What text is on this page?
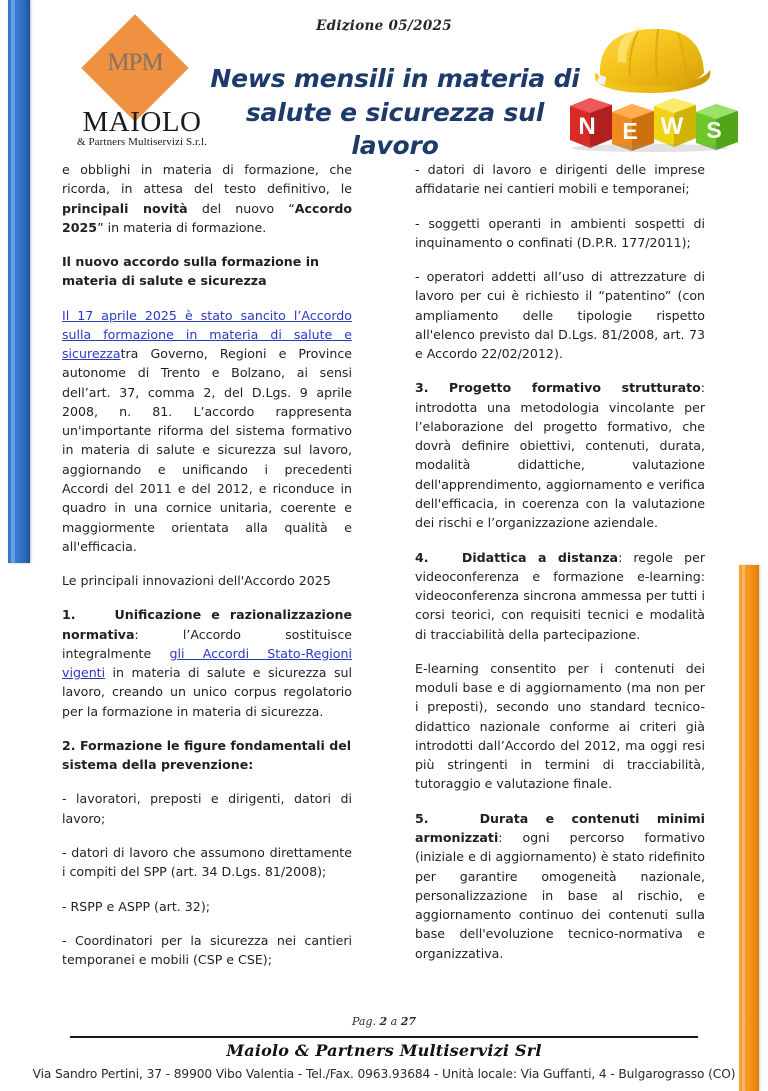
Edizione 05/2025
MPM
MAIOLO
& Partners Multiservizi S.r.l.
News mensili in materia di salute e sicurezza sul lavoro
N E W S

e obblighi in materia di formazione, che ricorda, in attesa del testo definitivo, le principali novità del nuovo “Accordo 2025” in materia di formazione.

Il nuovo accordo sulla formazione in materia di salute e sicurezza

Il 17 aprile 2025 è stato sancito l’Accordo sulla formazione in materia di salute e sicurezzatra Governo, Regioni e Province autonome di Trento e Bolzano, ai sensi dell’art. 37, comma 2, del D.Lgs. 9 aprile 2008, n. 81. L’accordo rappresenta un'importante riforma del sistema formativo in materia di salute e sicurezza sul lavoro, aggiornando e unificando i precedenti Accordi del 2011 e del 2012, e riconduce in quadro in una cornice unitaria, coerente e maggiormente orientata alla qualità e all'efficacia.

Le principali innovazioni dell'Accordo 2025

1.	Unificazione e razionalizzazione normativa: l’Accordo sostituisce integralmente gli Accordi Stato-Regioni vigenti in materia di salute e sicurezza sul lavoro, creando un unico corpus regolatorio per la formazione in materia di sicurezza.

2. Formazione le figure fondamentali del sistema della prevenzione:

- lavoratori, preposti e dirigenti, datori di lavoro;

- datori di lavoro che assumono direttamente i compiti del SPP (art. 34 D.Lgs. 81/2008);

- RSPP e ASPP (art. 32);

- Coordinatori per la sicurezza nei cantieri temporanei e mobili (CSP e CSE);

- datori di lavoro e dirigenti delle imprese affidatarie nei cantieri mobili e temporanei;

- soggetti operanti in ambienti sospetti di inquinamento o confinati (D.P.R. 177/2011);

- operatori addetti all’uso di attrezzature di lavoro per cui è richiesto il “patentino” (con ampliamento delle tipologie rispetto all'elenco previsto dal D.Lgs. 81/2008, art. 73 e Accordo 22/02/2012).

3. Progetto formativo strutturato: introdotta una metodologia vincolante per l’elaborazione del progetto formativo, che dovrà definire obiettivi, contenuti, durata, modalità didattiche, valutazione dell'apprendimento, aggiornamento e verifica dell'efficacia, in coerenza con la valutazione dei rischi e l’organizzazione aziendale.

4.	Didattica a distanza: regole per videoconferenza e formazione e-learning: videoconferenza sincrona ammessa per tutti i corsi teorici, con requisiti tecnici e modalità di tracciabilità della partecipazione.

E-learning consentito per i contenuti dei moduli base e di aggiornamento (ma non per i preposti), secondo uno standard tecnico-didattico nazionale conforme ai criteri già introdotti dall’Accordo del 2012, ma oggi resi più stringenti in termini di tracciabilità, tutoraggio e valutazione finale.

5.	Durata e contenuti minimi armonizzati: ogni percorso formativo (iniziale e di aggiornamento) è stato ridefinito per garantire omogeneità nazionale, personalizzazione in base al rischio, e aggiornamento continuo dei contenuti sulla base dell'evoluzione tecnico-normativa e organizzativa.

Pag. 2 a 27
Maiolo & Partners Multiservizi Srl
Via Sandro Pertini, 37 - 89900 Vibo Valentia - Tel./Fax. 0963.93684 - Unità locale: Via Guffanti, 4 - Bulgarograsso (CO)
